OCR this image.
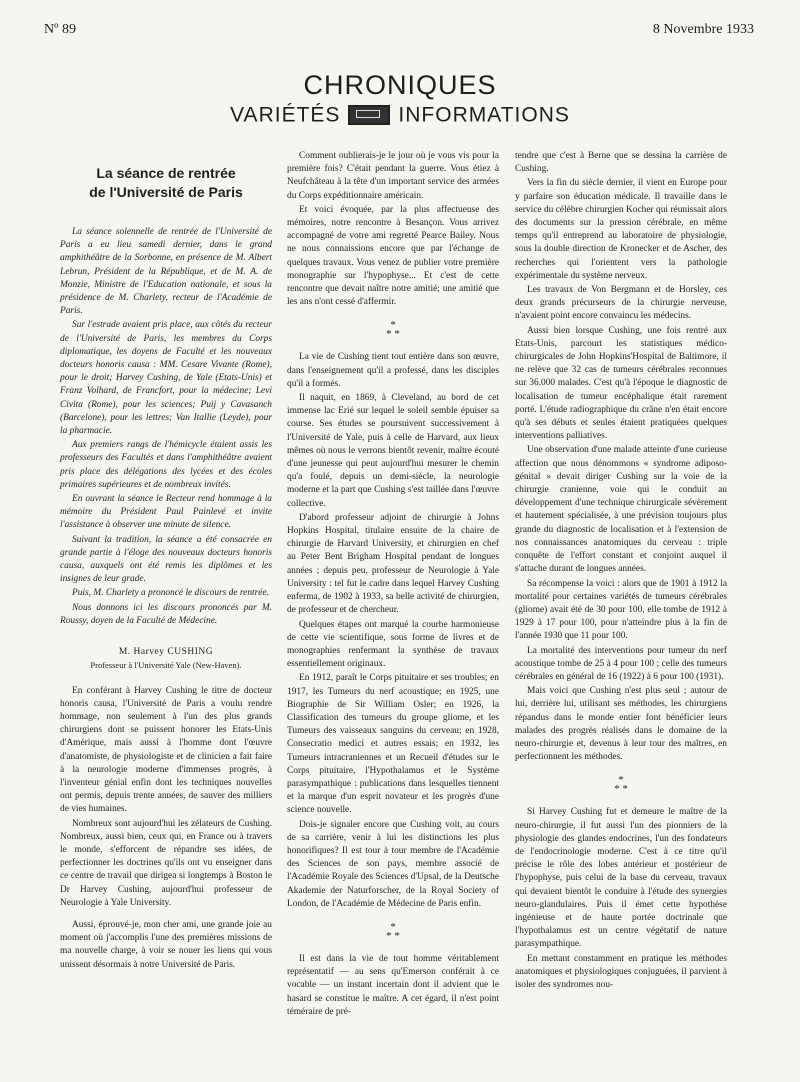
Nº 89	8 Novembre 1933
CHRONIQUES
VARIÉTÉS	INFORMATIONS
La séance de rentrée
de l'Université de Paris

La séance solennelle de rentrée de l'Université de Paris a eu lieu samedi dernier, dans le grand amphithéâtre de la Sorbonne, en présence de M. Albert Lebrun, Président de la République, et de M. A. de Monzie, Ministre de l'Education nationale, et sous la présidence de M. Charlety, recteur de l'Académie de Paris.

Sur l'estrade avaient pris place, aux côtés du recteur de l'Université de Paris, les membres du Corps diplomatique, les doyens de Faculté et les nouveaux docteurs honoris causa : MM. Cesare Vivante (Rome), pour le droit; Harvey Cushing, de Yale (Etats-Unis) et Franz Volhard, de Francfort, pour la médecine; Levi Civita (Rome), pour les sciences; Puij y Cavasanch (Barcelone), pour les lettres; Van Itallie (Leyde), pour la pharmacie.

Aux premiers rangs de l'hémicycle étaient assis les professeurs des Facultés et dans l'amphithéâtre avaient pris place des délégations des lycées et des écoles primaires supérieures et de nombreux invités.

En ouvrant la séance le Recteur rend hommage à la mémoire du Président Paul Painlevé et invite l'assistance à observer une minute de silence.

Suivant la tradition, la séance a été consacrée en grande partie à l'éloge des nouveaux docteurs honoris causa, auxquels ont été remis les diplômes et les insignes de leur grade.

Puis, M. Charlety a prononcé le discours de rentrée.

Nous donnons ici les discours prononcés par M. Roussy, doyen de la Faculté de Médecine.

M. Harvey CUSHING
Professeur à l'Université Yale (New-Haven).

En conférant à Harvey Cushing le titre de docteur honoris causa, l'Université de Paris a voulu rendre hommage, non seulement à l'un des plus grands chirurgiens dont se puissent honorer les Etats-Unis d'Amérique, mais aussi à l'homme dont l'œuvre d'anatomiste, de physiologiste et de clinicien a fait faire à la neurologie moderne d'immenses progrès, à l'inventeur génial enfin dont les techniques nouvelles ont permis, depuis trente années, de sauver des milliers de vies humaines.

Nombreux sont aujourd'hui les zélateurs de Cushing. Nombreux, aussi bien, ceux qui, en France ou à travers le monde, s'efforcent de répandre ses idées, de perfectionner les doctrines qu'ils ont vu enseigner dans ce centre de travail que dirigea si longtemps à Boston le Dr Harvey Cushing, aujourd'hui professeur de Neurologie à Yale University.

Aussi, éprouvé-je, mon cher ami, une grande joie au moment où j'accomplis l'une des premières missions de ma nouvelle charge, à voir se nouer les liens qui vous unissent désormais à notre Université de Paris.

Comment oublierais-je le jour où je vous vis pour la première fois? C'était pendant la guerre. Vous étiez à Neufchâteau à la tête d'un important service des armées du Corps expéditionnaire américain.

Et voici évoquée, par la plus affectueuse des mémoires, notre rencontre à Besançon. Vous arrivez accompagné de votre ami regretté Pearce Bailey. Nous ne nous connaissions encore que par l'échange de quelques travaux. Vous venez de publier votre première monographie sur l'hypophyse... Et c'est de cette rencontre que devait naître notre amitié; une amitié que les ans n'ont cessé d'affermir.

*
* *

La vie de Cushing tient tout entière dans son œuvre, dans l'enseignement qu'il a professé, dans les disciples qu'il a formés.

Il naquit, en 1869, à Cleveland, au bord de cet immense lac Erié sur lequel le soleil semble épuiser sa course. Ses études se poursuivent successivement à l'Université de Yale, puis à celle de Harvard, aux lieux mêmes où nous le verrons bientôt revenir, maître écouté d'une jeunesse qui peut aujourd'hui mesurer le chemin qu'a foulé, depuis un demi-siècle, la neurologie moderne et la part que Cushing s'est taillée dans l'œuvre collective.

D'abord professeur adjoint de chirurgie à Johns Hopkins Hospital, titulaire ensuite de la chaire de chirurgie de Harvard University, et chirurgien en chef au Peter Bent Brigham Hospital pendant de longues années ; depuis peu, professeur de Neurologie à Yale University : tel fut le cadre dans lequel Harvey Cushing enferma, de 1902 à 1933, sa belle activité de chirurgien, de professeur et de chercheur.

Quelques étapes ont marqué la courbe harmonieuse de cette vie scientifique, sous forme de livres et de monographies renfermant la synthèse de travaux essentiellement originaux.

En 1912, paraît le Corps pituitaire et ses troubles; en 1917, les Tumeurs du nerf acoustique; en 1925, une Biographie de Sir William Osler; en 1926, la Classification des tumeurs du groupe gliome, et les Tumeurs des vaisseaux sanguins du cerveau; en 1928, Consecratio medici et autres essais; en 1932, les Tumeurs intracraniennes et un Recueil d'études sur le Corps pituitaire, l'Hypothalamus et le Système parasympathique : publications dans lesquelles tiennent et la marque d'un esprit novateur et les progrès d'une science nouvelle.

Dois-je signaler encore que Cushing voit, au cours de sa carrière, venir à lui les distinctions les plus honorifiques? Il est tour à tour membre de l'Académie des Sciences de son pays, membre associé de l'Académie Royale des Sciences d'Upsal, de la Deutsche Akademie der Naturforscher, de la Royal Society of London, de l'Académie de Médecine de Paris enfin.

*
* *

Il est dans la vie de tout homme véritablement représentatif — au sens qu'Emerson conférait à ce vocable — un instant incertain dont il advient que le hasard se constitue le maître. A cet égard, il n'est point téméraire de pré-

tendre que c'est à Berne que se dessina la carrière de Cushing.

Vers la fin du siècle dernier, il vient en Europe pour y parfaire son éducation médicale. Il travaille dans le service du célèbre chirurgien Kocher qui réunissait alors des documents sur la pression cérébrale, en même temps qu'il entreprend au laboratoire de physiologie, sous la double direction de Kronecker et de Ascher, des recherches qui l'orientent vers la pathologie expérimentale du système nerveux.

Les travaux de Von Bergmann et de Horsley, ces deux grands précurseurs de la chirurgie nerveuse, n'avaient point encore convaincu les médecins.

Aussi bien lorsque Cushing, une fois rentré aux Etats-Unis, parcourt les statistiques médico-chirurgicales de John Hopkins'Hospital de Baltimore, il ne relève que 32 cas de tumeurs cérébrales reconnues sur 36.000 malades. C'est qu'à l'époque le diagnostic de localisation de tumeur encéphalique était rarement porté. L'étude radiographique du crâne n'en était encore qu'à ses débuts et seules étaient pratiquées quelques interventions palliatives.

Une observation d'une malade atteinte d'une curieuse affection que nous dénommons « syndrome adiposo-génital » devait diriger Cushing sur la voie de la chirurgie cranienne, voie qui le conduit au développement d'une technique chirurgicale sévèrement et hautement spécialisée, à une prévision toujours plus grande du diagnostic de localisation et à l'extension de nos connaissances anatomiques du cerveau : triple conquête de l'effort constant et conjoint auquel il s'attache durant de longues années.

Sa récompense la voici : alors que de 1901 à 1912 la mortalité pour certaines variétés de tumeurs cérébrales (gliome) avait été de 30 pour 100, elle tombe de 1912 à 1929 à 17 pour 100, pour n'atteindre plus à la fin de l'année 1930 que 11 pour 100.

La mortalité des interventions pour tumeur du nerf acoustique tombe de 25 à 4 pour 100 ; celle des tumeurs cérébrales en général de 16 (1922) à 6 pour 100 (1931).

Mais voici que Cushing n'est plus seul ; autour de lui, derrière lui, utilisant ses méthodes, les chirurgiens répandus dans le monde entier font bénéficier leurs malades des progrès réalisés dans le domaine de la neuro-chirurgie et, devenus à leur tour des maîtres, en perfectionnent les méthodes.

*
* *

Si Harvey Cushing fut et demeure le maître de la neuro-chirurgie, il fut aussi l'un des pionniers de la physiologie des glandes endocrines, l'un des fondateurs de l'endocrinologie moderne. C'est à ce titre qu'il précise le rôle des lobes antérieur et postérieur de l'hypophyse, puis celui de la base du cerveau, travaux qui devaient bientôt le conduire à l'étude des synergies neuro-glandulaires. Puis il émet cette hypothèse ingénieuse et de haute portée doctrinale que l'hypothalamus est un centre végétatif de nature parasympathique.

En mettant constamment en pratique les méthodes anatomiques et physiologiques conjuguées, il parvient à isoler des syndromes nou-
